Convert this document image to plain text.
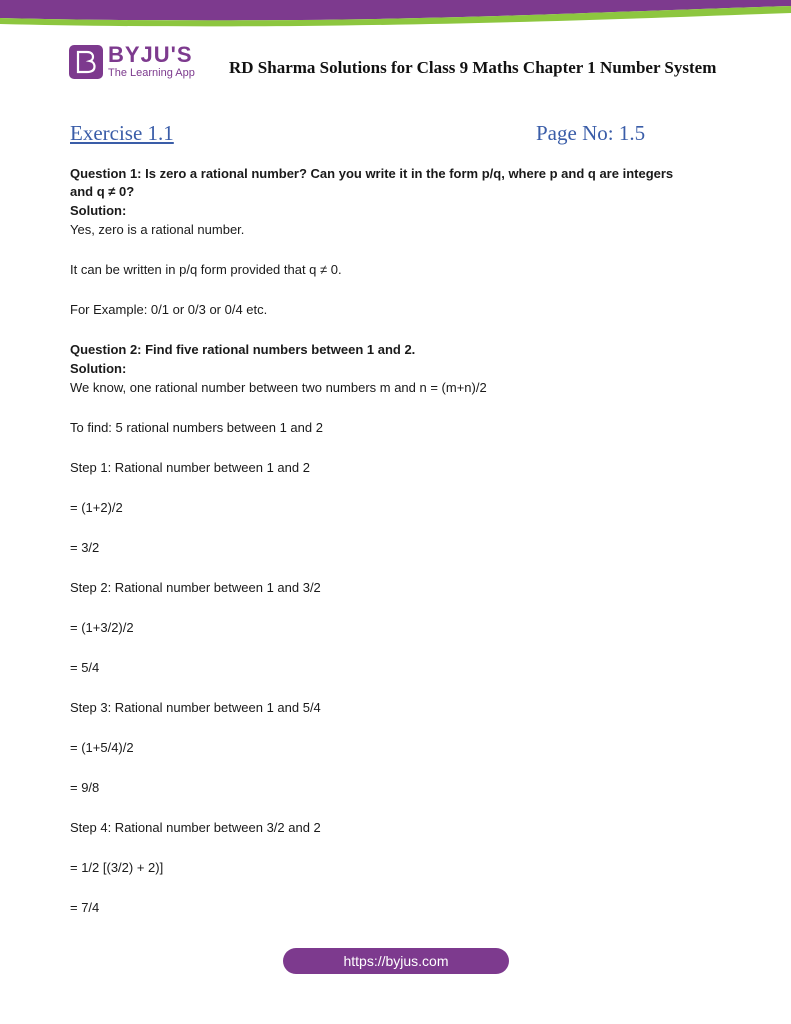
BYJU'S
The Learning App RD Sharma Solutions for Class 9 Maths Chapter 1 Number System
Exercise 1.1	Page No: 1.5
Question 1: Is zero a rational number? Can you write it in the form p/q, where p and q are integers
and q ≠ 0?
Solution:
Yes, zero is a rational number.
It can be written in p/q form provided that q ≠ 0.
For Example: 0/1 or 0/3 or 0/4 etc.
Question 2: Find five rational numbers between 1 and 2.
Solution:
We know, one rational number between two numbers m and n = (m+n)/2
To find: 5 rational numbers between 1 and 2
Step 1: Rational number between 1 and 2
= (1+2)/2
= 3/2
Step 2: Rational number between 1 and 3/2
= (1+3/2)/2
= 5/4
Step 3: Rational number between 1 and 5/4
= (1+5/4)/2
= 9/8
Step 4: Rational number between 3/2 and 2
= 1/2 [(3/2) + 2)]
= 7/4
https://byjus.com
